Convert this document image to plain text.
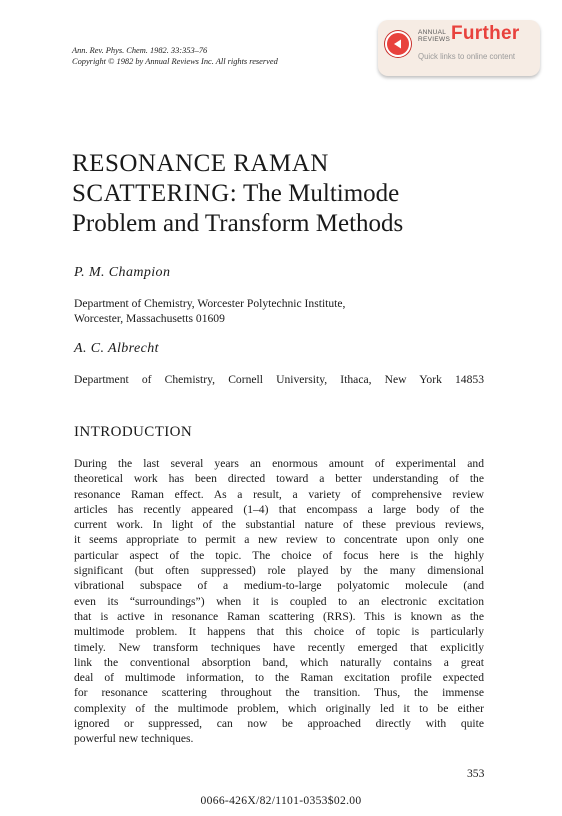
Ann. Rev. Phys. Chem. 1982. 33:353–76
Copyright © 1982 by Annual Reviews Inc. All rights reserved
ANNUAL
REVIEWS Further
Quick links to online content
RESONANCE RAMAN
SCATTERING: The Multimode
Problem and Transform Methods
P. M. Champion
Department of Chemistry, Worcester Polytechnic Institute,
Worcester, Massachusetts 01609
A. C. Albrecht
Department of Chemistry, Cornell University, Ithaca, New York 14853
INTRODUCTION
During the last several years an enormous amount of experimental and
theoretical work has been directed toward a better understanding of the
resonance Raman effect. As a result, a variety of comprehensive review
articles has recently appeared (1–4) that encompass a large body of the
current work. In light of the substantial nature of these previous reviews,
it seems appropriate to permit a new review to concentrate upon only one
particular aspect of the topic. The choice of focus here is the highly
significant (but often suppressed) role played by the many dimensional
vibrational subspace of a medium-to-large polyatomic molecule (and
even its “surroundings”) when it is coupled to an electronic excitation
that is active in resonance Raman scattering (RRS). This is known as the
multimode problem. It happens that this choice of topic is particularly
timely. New transform techniques have recently emerged that explicitly
link the conventional absorption band, which naturally contains a great
deal of multimode information, to the Raman excitation profile expected
for resonance scattering throughout the transition. Thus, the immense
complexity of the multimode problem, which originally led it to be either
ignored or suppressed, can now be approached directly with quite
powerful new techniques.
353
0066-426X/82/1101-0353$02.00
